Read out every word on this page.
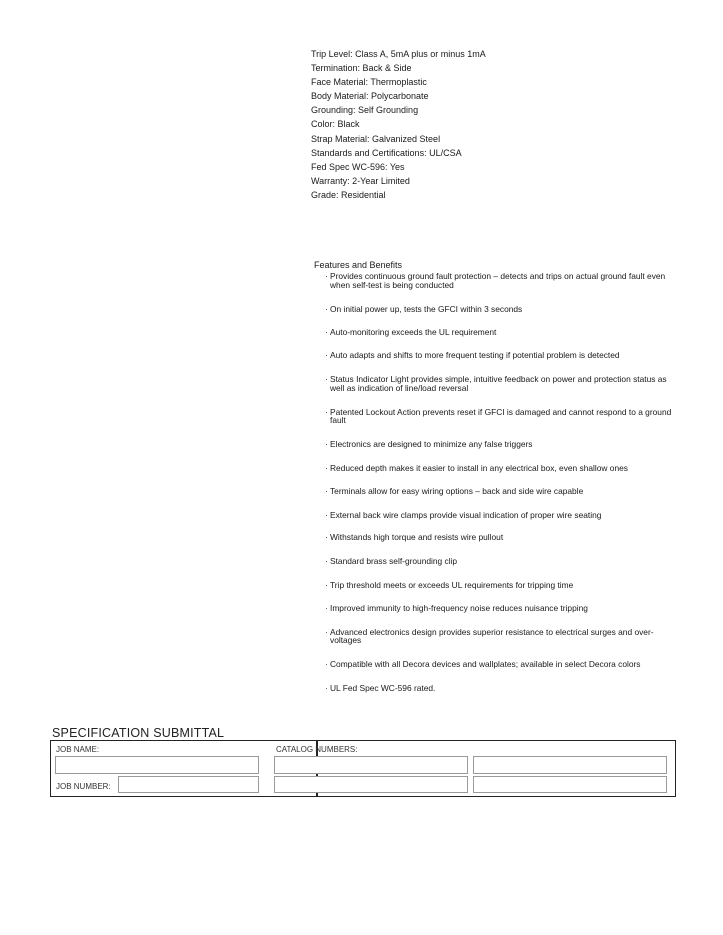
Trip Level: Class A, 5mA plus or minus 1mA
Termination: Back & Side
Face Material: Thermoplastic
Body Material: Polycarbonate
Grounding: Self Grounding
Color: Black
Strap Material: Galvanized Steel
Standards and Certifications: UL/CSA
Fed Spec WC-596: Yes
Warranty: 2-Year Limited
Grade: Residential
Features and Benefits
· Provides continuous ground fault protection – detects and trips on actual ground fault even when self-test is being conducted
· On initial power up, tests the GFCI within 3 seconds
· Auto-monitoring exceeds the UL requirement
· Auto adapts and shifts to more frequent testing if potential problem is detected
· Status Indicator Light provides simple, intuitive feedback on power and protection status as well as indication of line/load reversal
· Patented Lockout Action prevents reset if GFCI is damaged and cannot respond to a ground fault
· Electronics are designed to minimize any false triggers
· Reduced depth makes it easier to install in any electrical box, even shallow ones
· Terminals allow for easy wiring options – back and side wire capable
· External back wire clamps provide visual indication of proper wire seating
· Withstands high torque and resists wire pullout
· Standard brass self-grounding clip
· Trip threshold meets or exceeds UL requirements for tripping time
· Improved immunity to high-frequency noise reduces nuisance tripping
· Advanced electronics design provides superior resistance to electrical surges and over-voltages
· Compatible with all Decora devices and wallplates; available in select Decora colors
· UL Fed Spec WC-596 rated.
SPECIFICATION SUBMITTAL
JOB NAME:
JOB NUMBER:
CATALOG NUMBERS:
